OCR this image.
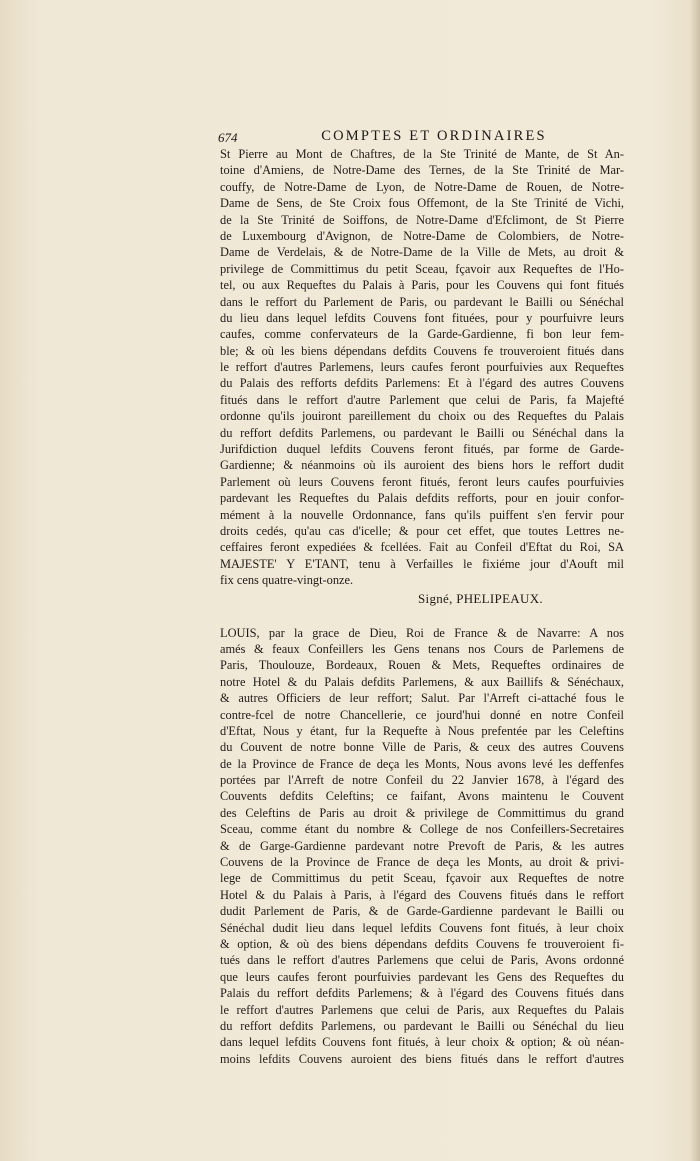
674	COMPTES ET ORDINAIRES
St Pierre au Mont de Chaftres, de la Ste Trinité de Mante, de St An-
toine d'Amiens, de Notre-Dame des Ternes, de la Ste Trinité de Mar-
couffy, de Notre-Dame de Lyon, de Notre-Dame de Rouen, de Notre-
Dame de Sens, de Ste Croix fous Offemont, de la Ste Trinité de Vichi,
de la Ste Trinité de Soiffons, de Notre-Dame d'Efclimont, de St Pierre
de Luxembourg d'Avignon, de Notre-Dame de Colombiers, de Notre-
Dame de Verdelais, & de Notre-Dame de la Ville de Mets, au droit &
privilege de Committimus du petit Sceau, fçavoir aux Requeftes de l'Ho-
tel, ou aux Requeftes du Palais à Paris, pour les Couvens qui font fitués
dans le reffort du Parlement de Paris, ou pardevant le Bailli ou Sénéchal
du lieu dans lequel lefdits Couvens font fituées, pour y pourfuivre leurs
caufes, comme confervateurs de la Garde-Gardienne, fi bon leur fem-
ble; & où les biens dépendans defdits Couvens fe trouveroient fitués dans
le reffort d'autres Parlemens, leurs caufes feront pourfuivies aux Requeftes
du Palais des refforts defdits Parlemens: Et à l'égard des autres Couvens
fitués dans le reffort d'autre Parlement que celui de Paris, fa Majefté
ordonne qu'ils jouiront pareillement du choix ou des Requeftes du Palais
du reffort defdits Parlemens, ou pardevant le Bailli ou Sénéchal dans la
Jurifdiction duquel lefdits Couvens feront fitués, par forme de Garde-
Gardienne; & néanmoins où ils auroient des biens hors le reffort dudit
Parlement où leurs Couvens feront fitués, feront leurs caufes pourfuivies
pardevant les Requeftes du Palais defdits refforts, pour en jouir confor-
mément à la nouvelle Ordonnance, fans qu'ils puiffent s'en fervir pour
droits cedés, qu'au cas d'icelle; & pour cet effet, que toutes Lettres ne-
ceffaires feront expediées & fcellées. Fait au Confeil d'Eftat du Roi, SA
MAJESTE' Y E'TANT, tenu à Verfailles le fixiéme jour d'Aouft mil
fix cens quatre-vingt-onze.
Signé, PHELIPEAUX.
LOUIS, par la grace de Dieu, Roi de France & de Navarre: A nos
amés & feaux Confeillers les Gens tenans nos Cours de Parlemens de
Paris, Thoulouze, Bordeaux, Rouen & Mets, Requeftes ordinaires de
notre Hotel & du Palais defdits Parlemens, & aux Baillifs & Sénéchaux,
& autres Officiers de leur reffort; Salut. Par l'Arreft ci-attaché fous le
contre-fcel de notre Chancellerie, ce jourd'hui donné en notre Confeil
d'Eftat, Nous y étant, fur la Requefte à Nous prefentée par les Celeftins
du Couvent de notre bonne Ville de Paris, & ceux des autres Couvens
de la Province de France de deça les Monts, Nous avons levé les deffenfes
portées par l'Arreft de notre Confeil du 22 Janvier 1678, à l'égard des
Couvents defdits Celeftins; ce faifant, Avons maintenu le Couvent
des Celeftins de Paris au droit & privilege de Committimus du grand
Sceau, comme étant du nombre & College de nos Confeillers-Secretaires
& de Garge-Gardienne pardevant notre Prevoft de Paris, & les autres
Couvens de la Province de France de deça les Monts, au droit & privi-
lege de Committimus du petit Sceau, fçavoir aux Requeftes de notre
Hotel & du Palais à Paris, à l'égard des Couvens fitués dans le reffort
dudit Parlement de Paris, & de Garde-Gardienne pardevant le Bailli ou
Sénéchal dudit lieu dans lequel lefdits Couvens font fitués, à leur choix
& option, & où des biens dépendans defdits Couvens fe trouveroient fi-
tués dans le reffort d'autres Parlemens que celui de Paris, Avons ordonné
que leurs caufes feront pourfuivies pardevant les Gens des Requeftes du
Palais du reffort defdits Parlemens; & à l'égard des Couvens fitués dans
le reffort d'autres Parlemens que celui de Paris, aux Requeftes du Palais
du reffort defdits Parlemens, ou pardevant le Bailli ou Sénéchal du lieu
dans lequel lefdits Couvens font fitués, à leur choix & option; & où néan-
moins lefdits Couvens auroient des biens fitués dans le reffort d'autres
